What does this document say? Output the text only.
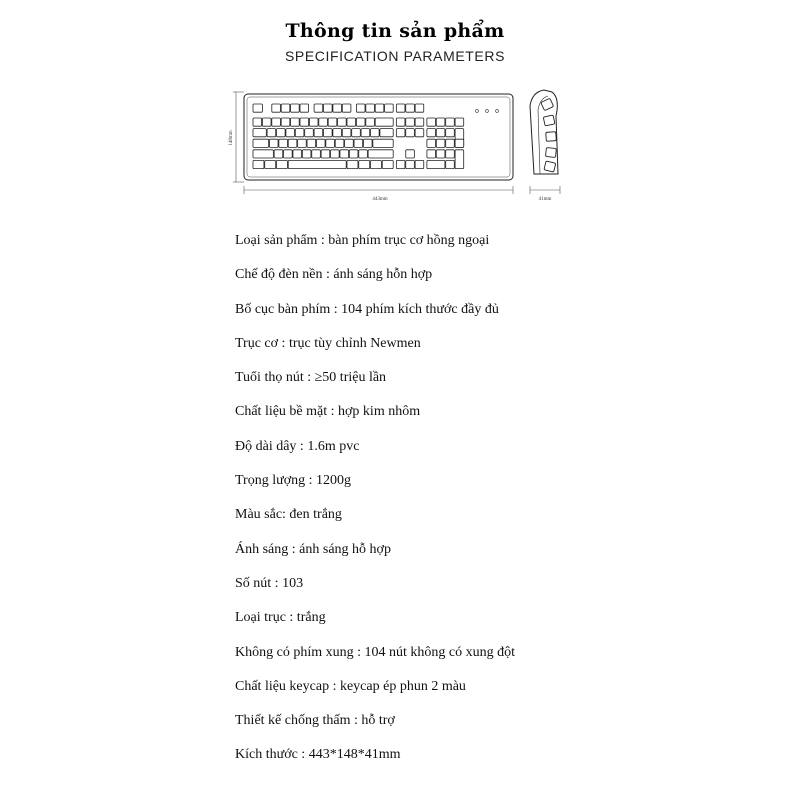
Thông tin sản phẩm
SPECIFICATION PARAMETERS
148mm
443mm	41mm
Loại sản phẩm : bàn phím trục cơ hồng ngoại
Chế độ đèn nền : ánh sáng hỗn hợp
Bố cục bàn phím : 104 phím kích thước đầy đủ
Trục cơ : trục tùy chỉnh Newmen
Tuổi thọ nút : ≥50 triệu lần
Chất liệu bề mặt : hợp kim nhôm
Độ dài dây : 1.6m pvc
Trọng lượng : 1200g
Màu sắc: đen trắng
Ánh sáng : ánh sáng hỗ hợp
Số nút : 103
Loại trục : trắng
Không có phím xung : 104 nút không có xung đột
Chất liệu keycap : keycap ép phun 2 màu
Thiết kế chống thấm : hỗ trợ
Kích thước : 443*148*41mm
